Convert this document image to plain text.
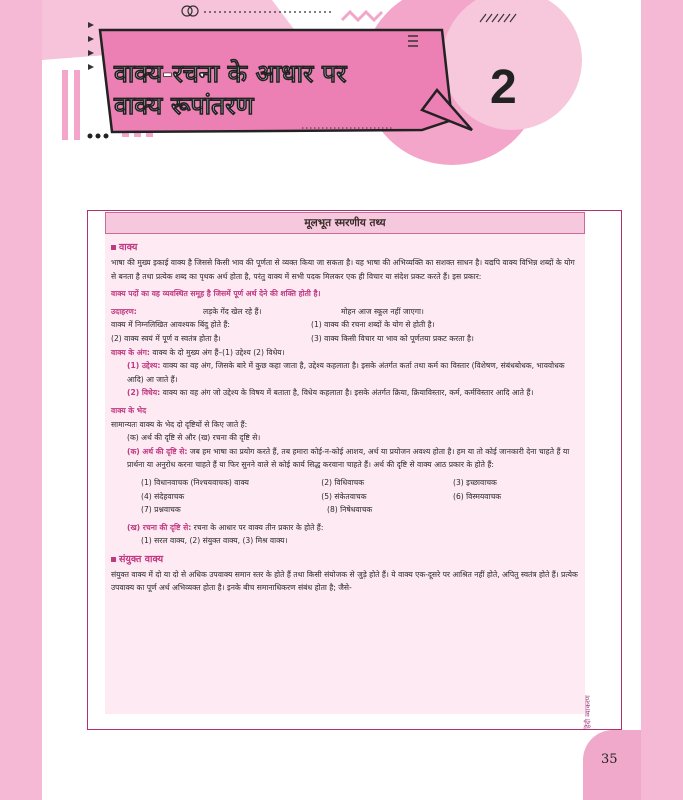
वाक्य-रचना के आधार पर
वाक्य रूपांतरण	2
मूलभूत स्मरणीय तथ्य
वाक्य
भाषा की मुख्य इकाई वाक्य है जिससे किसी भाव की पूर्णता से व्यक्त किया जा सकता है। यह भाषा की अभिव्यक्ति का सशक्त साधन है। यद्यपि वाक्य विभिन्न शब्दों के योग से बनता है तथा प्रत्येक शब्द का पृथक अर्थ होता है, परंतु वाक्य में सभी पदक मिलकर एक ही विचार या संदेश प्रकट करते हैं। इस प्रकार:
वाक्य पदों का वह व्यवस्थित समूह है जिसमें पूर्ण अर्थ देने की शक्ति होती है।
उदाहरण:	लड़के गेंद खेल रहे हैं।	मोहन आज स्कूल नहीं जाएगा।
वाक्य में निम्नलिखित आवश्यक बिंदु होते हैं:	(1) वाक्य की रचना शब्दों के योग से होती है।
(2) वाक्य स्वयं में पूर्ण व स्वतंत्र होता है।	(3) वाक्य किसी विचार या भाव को पूर्णतया प्रकट करता है।
वाक्य के अंग: वाक्य के दो मुख्य अंग हैं–(1) उद्देश्य (2) विधेय।
(1) उद्देश्य: वाक्य का वह अंग, जिसके बारे में कुछ कहा जाता है, उद्देश्य कहलाता है। इसके अंतर्गत कर्ता तथा कर्म का विस्तार (विशेषण, संबंधबोधक, भाववोधक आदि) आ जाते हैं।
(2) विधेय: वाक्य का वह अंग जो उद्देश्य के विषय में बताता है, विधेय कहलाता है। इसके अंतर्गत क्रिया, क्रियाविस्तार, कर्म, कर्मविस्तार आदि आते हैं।
वाक्य के भेद
सामान्यतः वाक्य के भेद दो दृष्टियों से किए जाते हैं:
(क) अर्थ की दृष्टि से और (ख) रचना की दृष्टि से।
(क) अर्थ की दृष्टि से: जब हम भाषा का प्रयोग करते हैं, तब हमारा कोई-न-कोई आशय, अर्थ या प्रयोजन अवश्य होता है। हम या तो कोई जानकारी देना चाहते हैं या प्रार्थना या अनुरोध करना चाहते हैं या फिर सुनने वाले से कोई कार्य सिद्ध करवाना चाहते हैं। अर्थ की दृष्टि से वाक्य आठ प्रकार के होते हैं:
(1) विधानवाचक (निश्चयवाचक) वाक्य	(2) विधिवाचक	(3) इच्छावाचक
(4) संदेहवाचक	(5) संकेतवाचक	(6) विस्मयवाचक
(7) प्रश्नवाचक	(8) निषेधवाचक
(ख) रचना की दृष्टि से: रचना के आधार पर वाक्य तीन प्रकार के होते हैं:
(1) सरल वाक्य, (2) संयुक्त वाक्य, (3) मिश्र वाक्य।
संयुक्त वाक्य
संयुक्त वाक्य में दो या दो से अधिक उपवाक्य समान स्तर के होते हैं तथा किसी संयोजक से जुड़े होते हैं। ये वाक्य एक-दूसरे पर आश्रित नहीं होते, अपितु स्वतंत्र होते हैं। प्रत्येक उपवाक्य का पूर्ण अर्थ अभिव्यक्त होता है। इनके बीच समानाधिकरण संबंध होता है; जैसे-
हिंदी व्याकरण
35
